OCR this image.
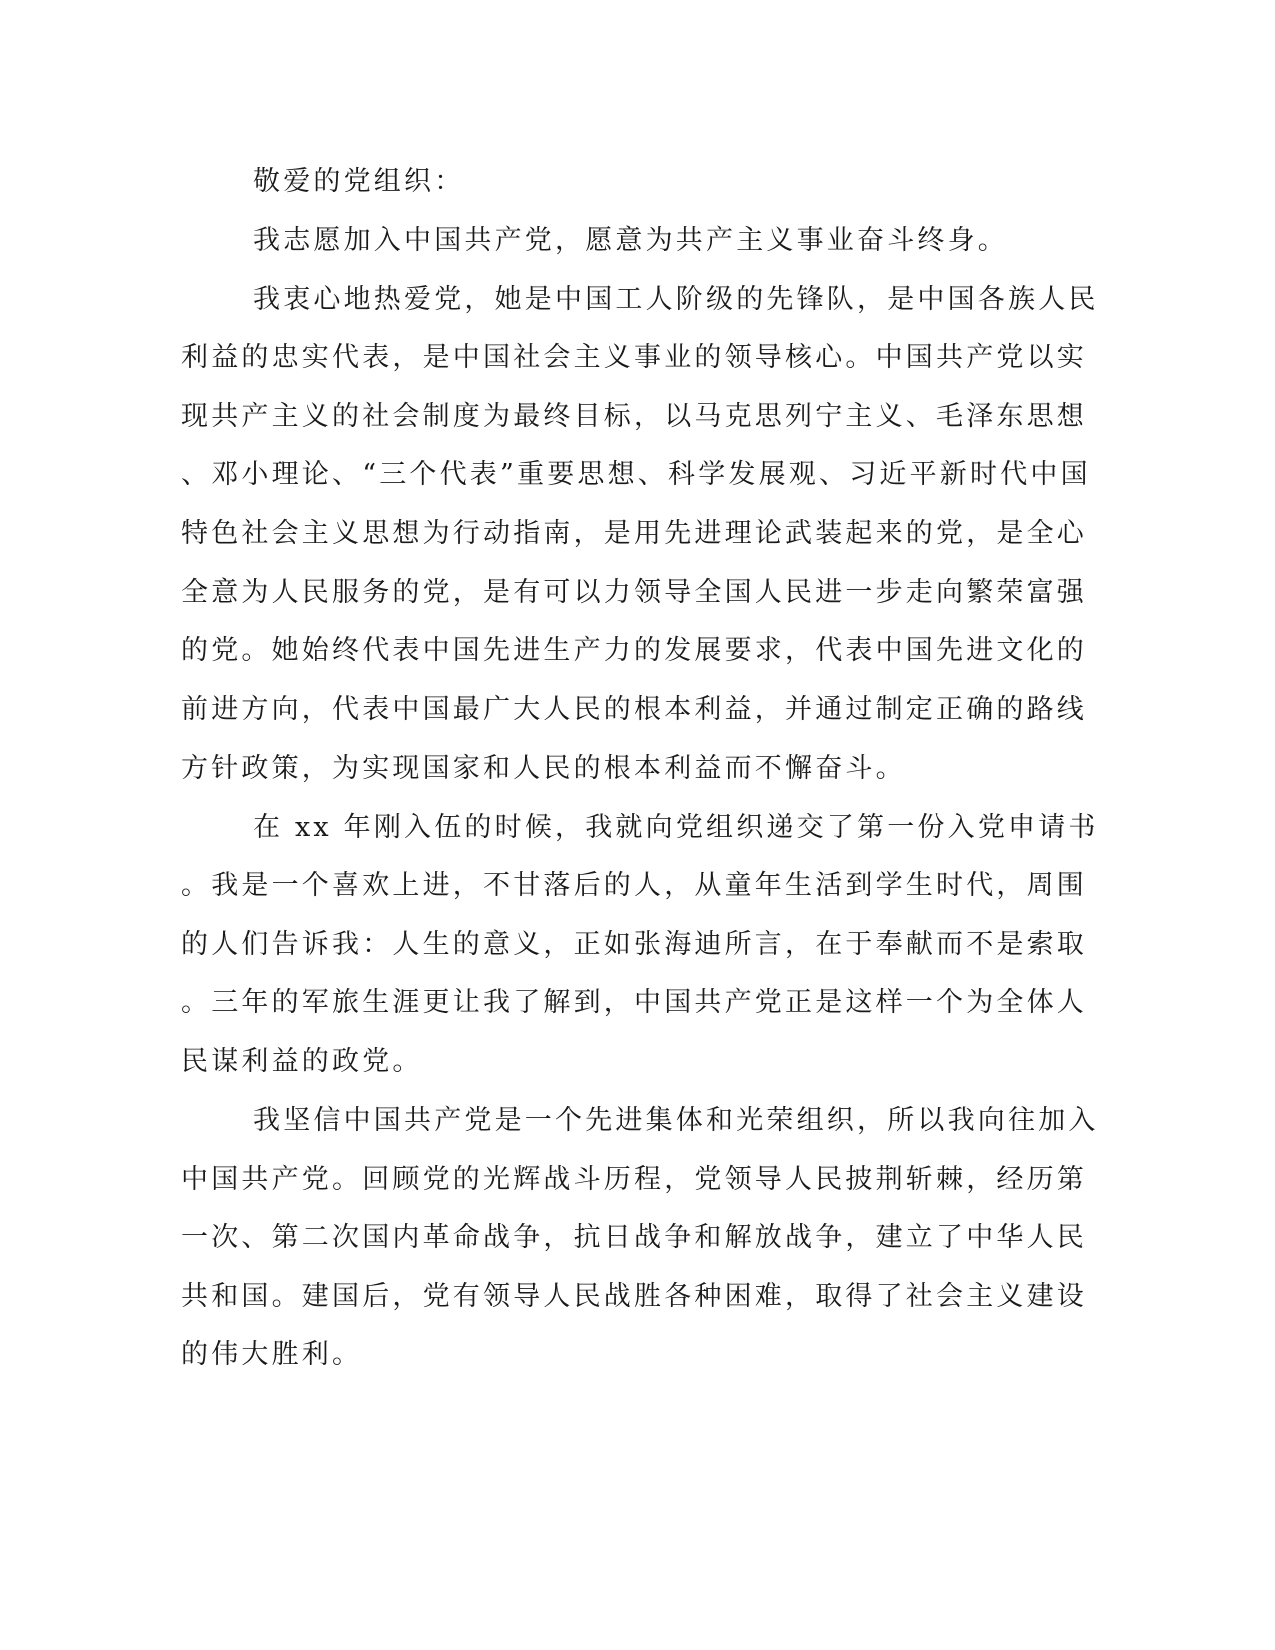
敬爱的党组织：
我志愿加入中国共产党，愿意为共产主义事业奋斗终身。
我衷心地热爱党，她是中国工人阶级的先锋队，是中国各族人民
利益的忠实代表，是中国社会主义事业的领导核心。中国共产党以实
现共产主义的社会制度为最终目标，以马克思列宁主义、毛泽东思想
、邓小理论、“三个代表”重要思想、科学发展观、习近平新时代中国
特色社会主义思想为行动指南，是用先进理论武装起来的党，是全心
全意为人民服务的党，是有可以力领导全国人民进一步走向繁荣富强
的党。她始终代表中国先进生产力的发展要求，代表中国先进文化的
前进方向，代表中国最广大人民的根本利益，并通过制定正确的路线
方针政策，为实现国家和人民的根本利益而不懈奋斗。
在 xx 年刚入伍的时候，我就向党组织递交了第一份入党申请书
。我是一个喜欢上进，不甘落后的人，从童年生活到学生时代，周围
的人们告诉我：人生的意义，正如张海迪所言，在于奉献而不是索取
。三年的军旅生涯更让我了解到，中国共产党正是这样一个为全体人
民谋利益的政党。
我坚信中国共产党是一个先进集体和光荣组织，所以我向往加入
中国共产党。回顾党的光辉战斗历程，党领导人民披荆斩棘，经历第
一次、第二次国内革命战争，抗日战争和解放战争，建立了中华人民
共和国。建国后，党有领导人民战胜各种困难，取得了社会主义建设
的伟大胜利。
